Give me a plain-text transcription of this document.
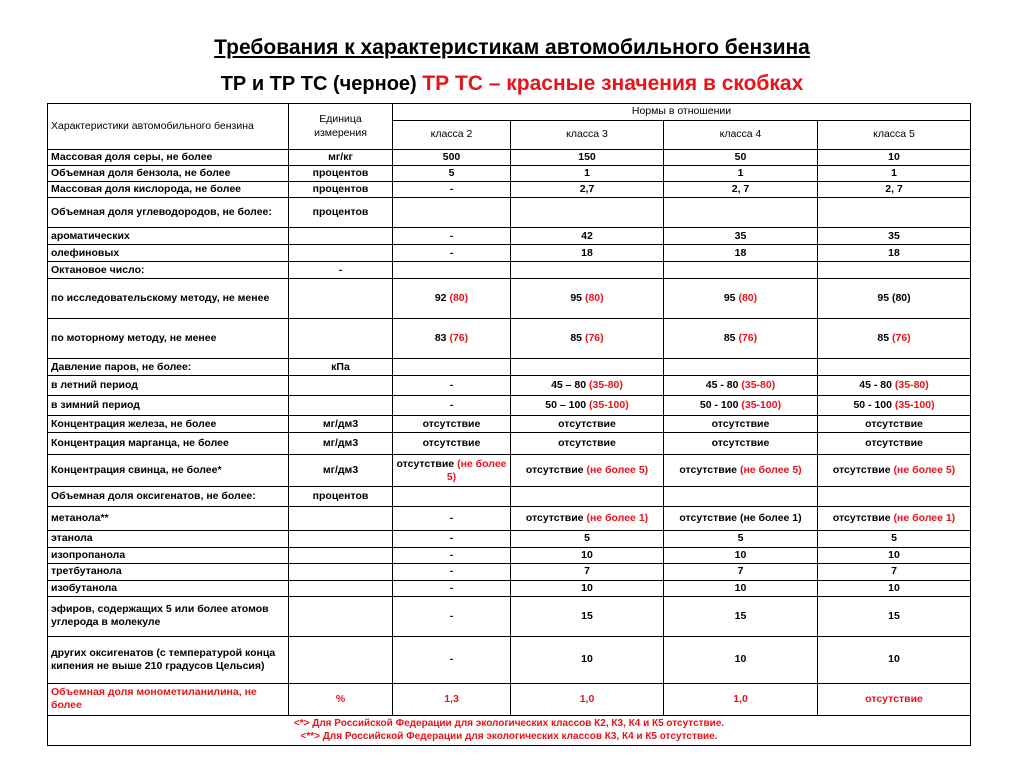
Требования к характеристикам автомобильного бензина
ТР и ТР ТС (черное) ТР ТС – красные значения в скобках
Характеристики автомобильного бензина	Единица измерения	Нормы в отношении			
		класса 2	класса 3	класса 4	класса 5
Массовая доля серы, не более	мг/кг	500	150	50	10
Объемная доля бензола, не более	процентов	5	1	1	1
Массовая доля кислорода, не более	процентов	-	2,7	2, 7	2, 7
Объемная доля углеводородов, не более:	процентов				
ароматических		-	42	35	35
олефиновых		-	18	18	18
Октановое число:	-				
по исследовательскому методу, не менее		92 (80)	95 (80)	95 (80)	95 (80)
по моторному методу, не менее		83 (76)	85 (76)	85 (76)	85 (76)
Давление паров, не более:	кПа				
в летний период		-	45 – 80 (35-80)	45 - 80 (35-80)	45 - 80 (35-80)
в зимний период		-	50 – 100 (35-100)	50 - 100 (35-100)	50 - 100 (35-100)
Концентрация железа, не более	мг/дм3	отсутствие	отсутствие	отсутствие	отсутствие
Концентрация марганца, не более	мг/дм3	отсутствие	отсутствие	отсутствие	отсутствие
Концентрация свинца, не более*	мг/дм3	отсутствие (не более 5)	отсутствие (не более 5)	отсутствие (не более 5)	отсутствие (не более 5)
Объемная доля оксигенатов, не более:	процентов				
метанола**		-	отсутствие (не более 1)	отсутствие (не более 1)	отсутствие (не более 1)
этанола		-	5	5	5
изопропанола		-	10	10	10
третбутанола		-	7	7	7
изобутанола		-	10	10	10
эфиров, содержащих 5 или более атомов углерода в молекуле		-	15	15	15
других оксигенатов (с температурой конца кипения не выше 210 градусов Цельсия)		-	10	10	10
Объемная доля монометиланилина, не более	%	1,3	1,0	1,0	отсутствие

<*> Для Российской Федерации для экологических классов К2, К3, К4 и К5 отсутствие.
<**> Для Российской Федерации для экологических классов К3, К4 и К5 отсутствие.					
